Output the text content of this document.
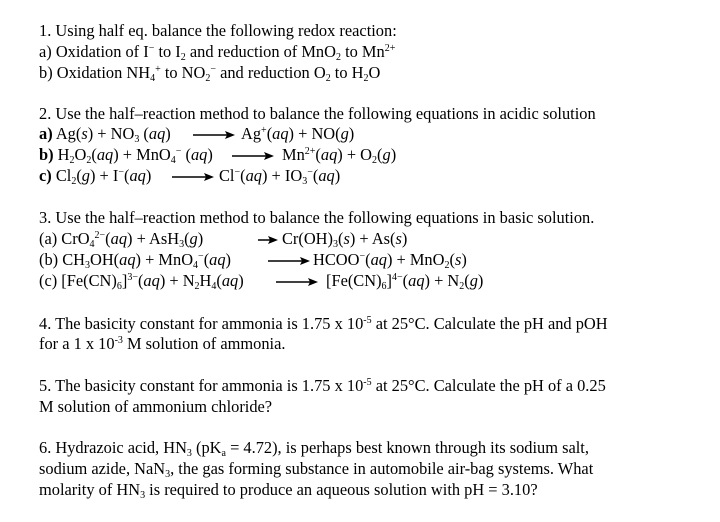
1. Using half eq. balance the following redox reaction:
a) Oxidation of I− to $I_2$ and reduction of MnO$_2$ to $Mn^{2+}$
b) Oxidation $NH_4^+$ to $NO_2^-$ and reduction $O_2$ to $H_2O$
2. Use the half–reaction method to balance the following equations in acidic solution
a) $Ag(s) + NO_3$ (aq) → Ag+(aq) + NO(g)
b) $H_2O_2(aq) + MnO_4^-$ $(aq) \to Mn^{2+}(aq) + O_2(g)$
c) $Cl_2(g) + I^-(aq) \to Cl^-(aq) + IO_3^-(aq)$
3. Use the half–reaction method to balance the following equations in basic solution.
(a) CrO$_4^{2-}$(aq) + AsH$_3$(g)	→ $Cr(OH)_3(s) + As(s)$
(b) $CH_3OH(aq) + MnO_4^-(aq)$ → HCOO−(aq) + MnO$_2$(s)
(c) $[Fe(CN)_6]^{3-}(aq) + N_2H_4(aq) \to [Fe(CN)_6]^{4-}(aq) + N_2(g)$
4. The basicity constant for ammonia is 1.75 x $10^{-5}$ at 25°C. Calculate the pH and pOH
for a 1 x $10^{-3}$ M solution of ammonia.
5. The basicity constant for ammonia is 1.75 x $10^{-5}$ at 25°C. Calculate the pH of a 0.25
M solution of ammonium chloride?
6. Hydrazoic acid, $HN_3$ $(pK_a = 4.72)$, is perhaps best known through its sodium salt,
sodium azide, NaN$_3$, the gas forming substance in automobile air-bag systems. What
molarity of $HN_3$ is required to produce an aqueous solution with pH = 3.10?
